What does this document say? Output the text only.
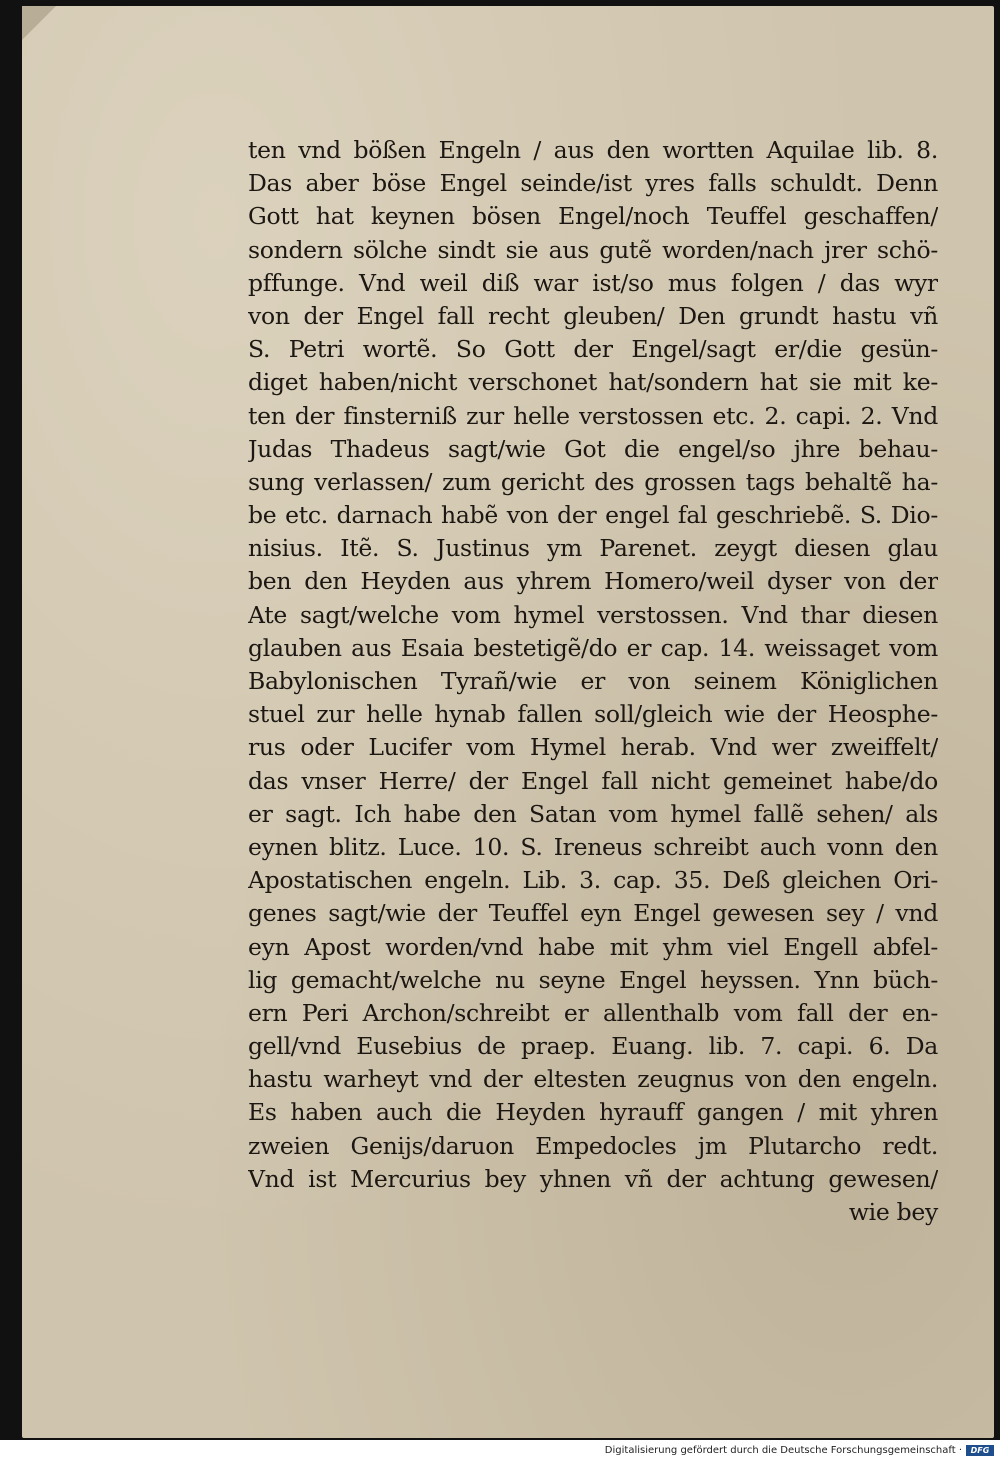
ten vnd bößen Engeln / aus den wortten Aquilae lib. 8.
Das aber böse Engel seinde/ist yres falls schuldt. Denn
Gott hat keynen bösen Engel/noch Teuffel geschaffen/
sondern sölche sindt sie aus gutẽ worden/nach jrer schö-
pffunge. Vnd weil diß war ist/so mus folgen / das wyr
von der Engel fall recht gleuben/ Den grundt hastu vñ
S. Petri wortẽ. So Gott der Engel/sagt er/die gesün-
diget haben/nicht verschonet hat/sondern hat sie mit ke-
ten der finsterniß zur helle verstossen etc. 2. capi. 2. Vnd
Judas Thadeus sagt/wie Got die engel/so jhre behau-
sung verlassen/ zum gericht des grossen tags behaltẽ ha-
be etc. darnach habẽ von der engel fal geschriebẽ. S. Dio-
nisius. Itẽ. S. Justinus ym Parenet. zeygt diesen glau
ben den Heyden aus yhrem Homero/weil dyser von der
Ate sagt/welche vom hymel verstossen. Vnd thar diesen
glauben aus Esaia bestetigẽ/do er cap. 14. weissaget vom
Babylonischen Tyrañ/wie er von seinem Königlichen
stuel zur helle hynab fallen soll/gleich wie der Heosphe-
rus oder Lucifer vom Hymel herab. Vnd wer zweiffelt/
das vnser Herre/ der Engel fall nicht gemeinet habe/do
er sagt. Ich habe den Satan vom hymel fallẽ sehen/ als
eynen blitz. Luce. 10. S. Ireneus schreibt auch vonn den
Apostatischen engeln. Lib. 3. cap. 35. Deß gleichen Ori-
genes sagt/wie der Teuffel eyn Engel gewesen sey / vnd
eyn Apost worden/vnd habe mit yhm viel Engell abfel-
lig gemacht/welche nu seyne Engel heyssen. Ynn büch-
ern Peri Archon/schreibt er allenthalb vom fall der en-
gell/vnd Eusebius de praep. Euang. lib. 7. capi. 6. Da
hastu warheyt vnd der eltesten zeugnus von den engeln.
Es haben auch die Heyden hyrauff gangen / mit yhren
zweien Genijs/daruon Empedocles jm Plutarcho redt.
Vnd ist Mercurius bey yhnen vñ der achtung gewesen/
wie bey
Digitalisierung gefördert durch die Deutsche Forschungsgemeinschaft ·	DFG
